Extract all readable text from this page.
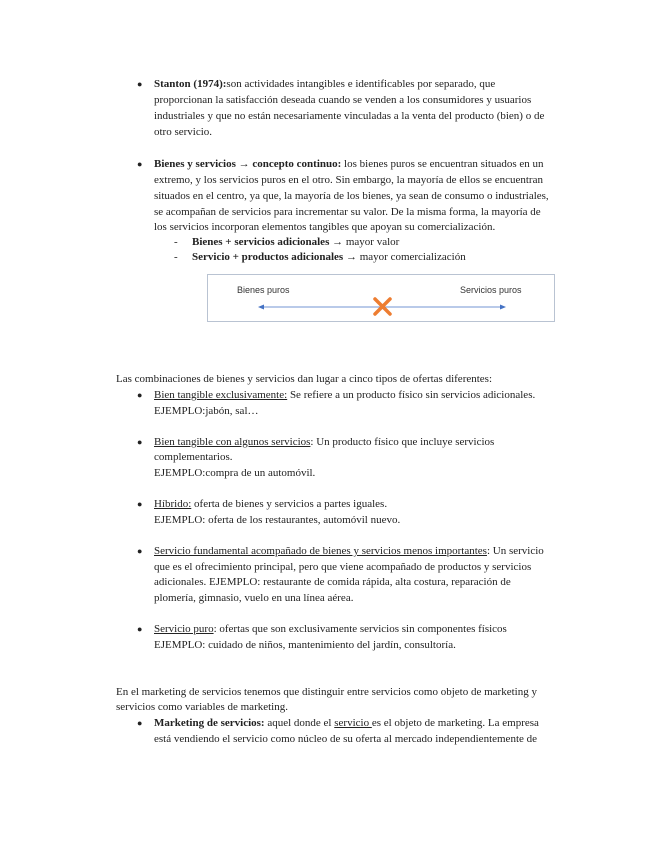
● Stanton (1974):son actividades intangibles e identificables por separado, que
proporcionan la satisfacción deseada cuando se venden a los consumidores y usuarios
industriales y que no están necesariamente vinculadas a la venta del producto (bien) o de
otro servicio.
● Bienes y servicios → concepto continuo: los bienes puros se encuentran situados en un
extremo, y los servicios puros en el otro. Sin embargo, la mayoría de ellos se encuentran
situados en el centro, ya que, la mayoría de los bienes, ya sean de consumo o industriales,
se acompañan de servicios para incrementar su valor. De la misma forma, la mayoría de
los servicios incorporan elementos tangibles que apoyan su comercialización.
- Bienes + servicios adicionales → mayor valor
- Servicio + productos adicionales → mayor comercialización
Bienes puros	Servicios puros
Las combinaciones de bienes y servicios dan lugar a cinco tipos de ofertas diferentes:
● Bien tangible exclusivamente: Se refiere a un producto físico sin servicios adicionales.
EJEMPLO:jabón, sal…
● Bien tangible con algunos servicios: Un producto físico que incluye servicios
complementarios.
EJEMPLO:compra de un automóvil.
● Híbrido: oferta de bienes y servicios a partes iguales.
EJEMPLO: oferta de los restaurantes, automóvil nuevo.
● Servicio fundamental acompañado de bienes y servicios menos importantes: Un servicio
que es el ofrecimiento principal, pero que viene acompañado de productos y servicios
adicionales. EJEMPLO: restaurante de comida rápida, alta costura, reparación de
plomería, gimnasio, vuelo en una línea aérea.
● Servicio puro: ofertas que son exclusivamente servicios sin componentes físicos
EJEMPLO: cuidado de niños, mantenimiento del jardín, consultoría.
En el marketing de servicios tenemos que distinguir entre servicios como objeto de marketing y
servicios como variables de marketing.
● Marketing de servicios: aquel donde el servicio es el objeto de marketing. La empresa
está vendiendo el servicio como núcleo de su oferta al mercado independientemente de
